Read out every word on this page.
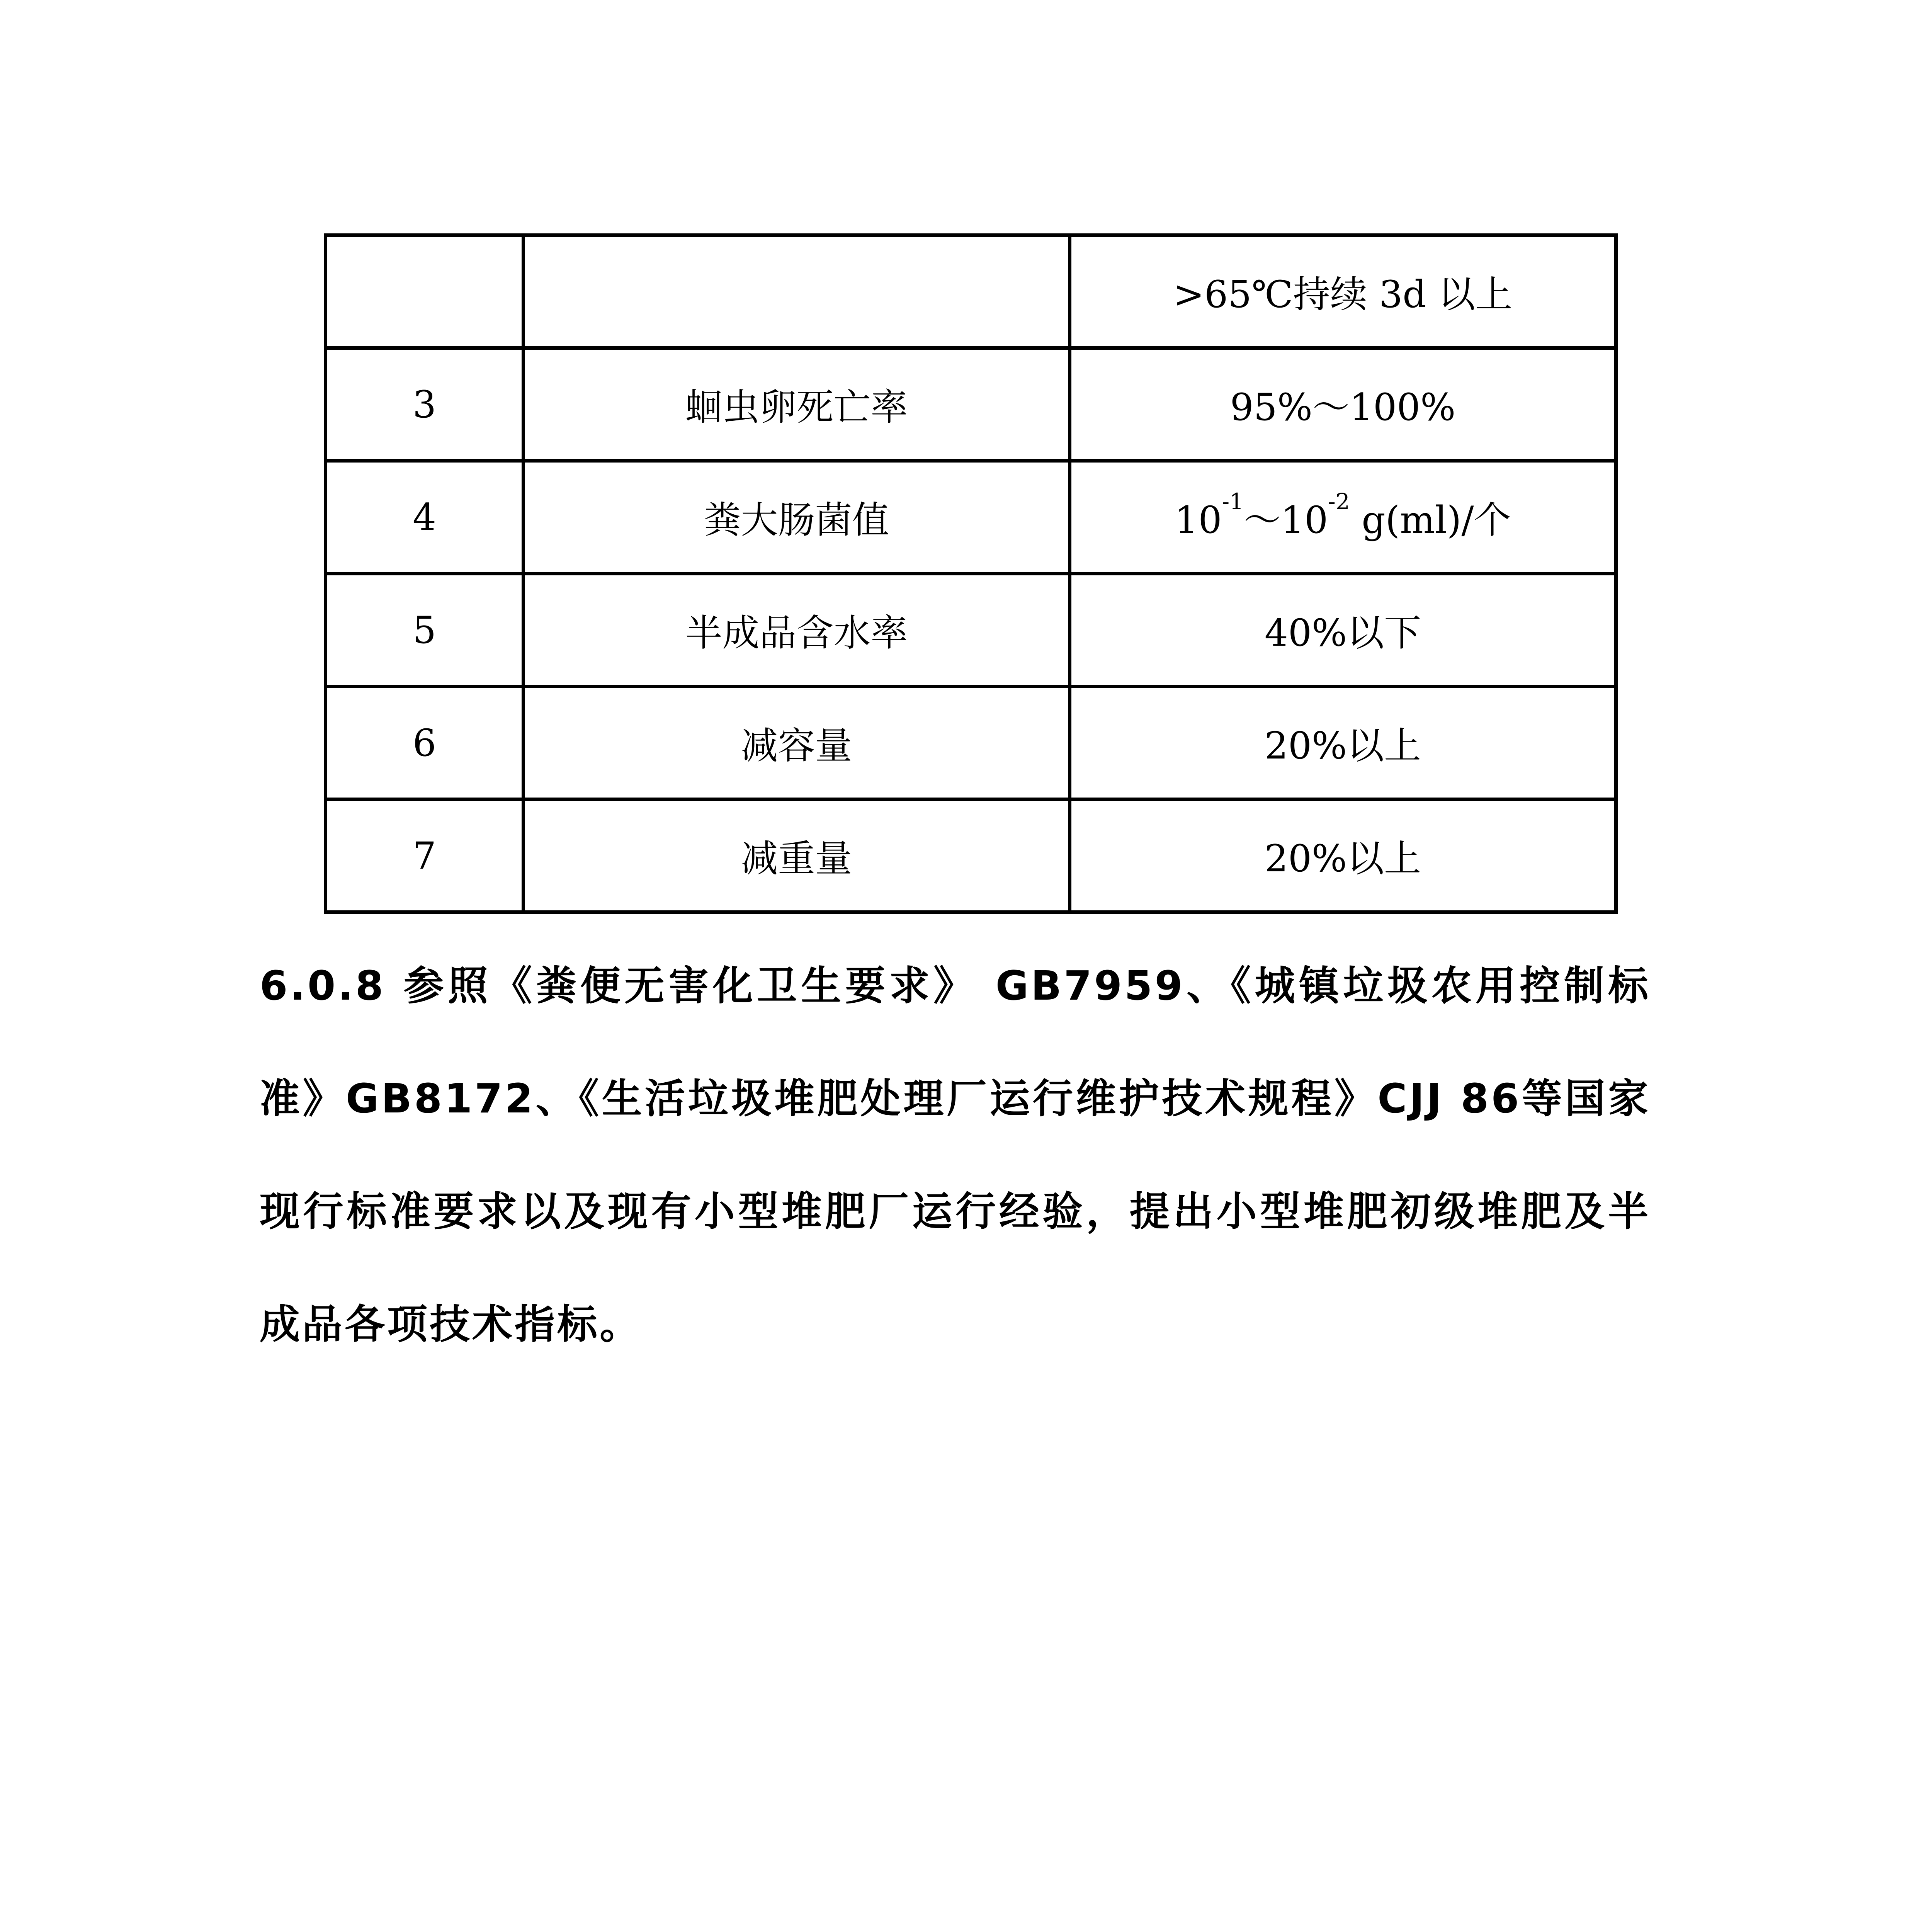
		>65℃持续 3d 以上
3	蛔虫卵死亡率	95%～100%
4	粪大肠菌值	$10^{-1}\sim 10^{-2}$ g(ml)/个
5	半成品含水率	40%以下
6	减容量	20%以上
7	减重量	20%以上

6.0.8 参照《粪便无害化卫生要求》 GB7959、《城镇垃圾农用控制标准》GB8172、《生活垃圾堆肥处理厂运行维护技术规程》CJJ 86等国家现行标准要求以及现有小型堆肥厂运行经验，提出小型堆肥初级堆肥及半成品各项技术指标。
